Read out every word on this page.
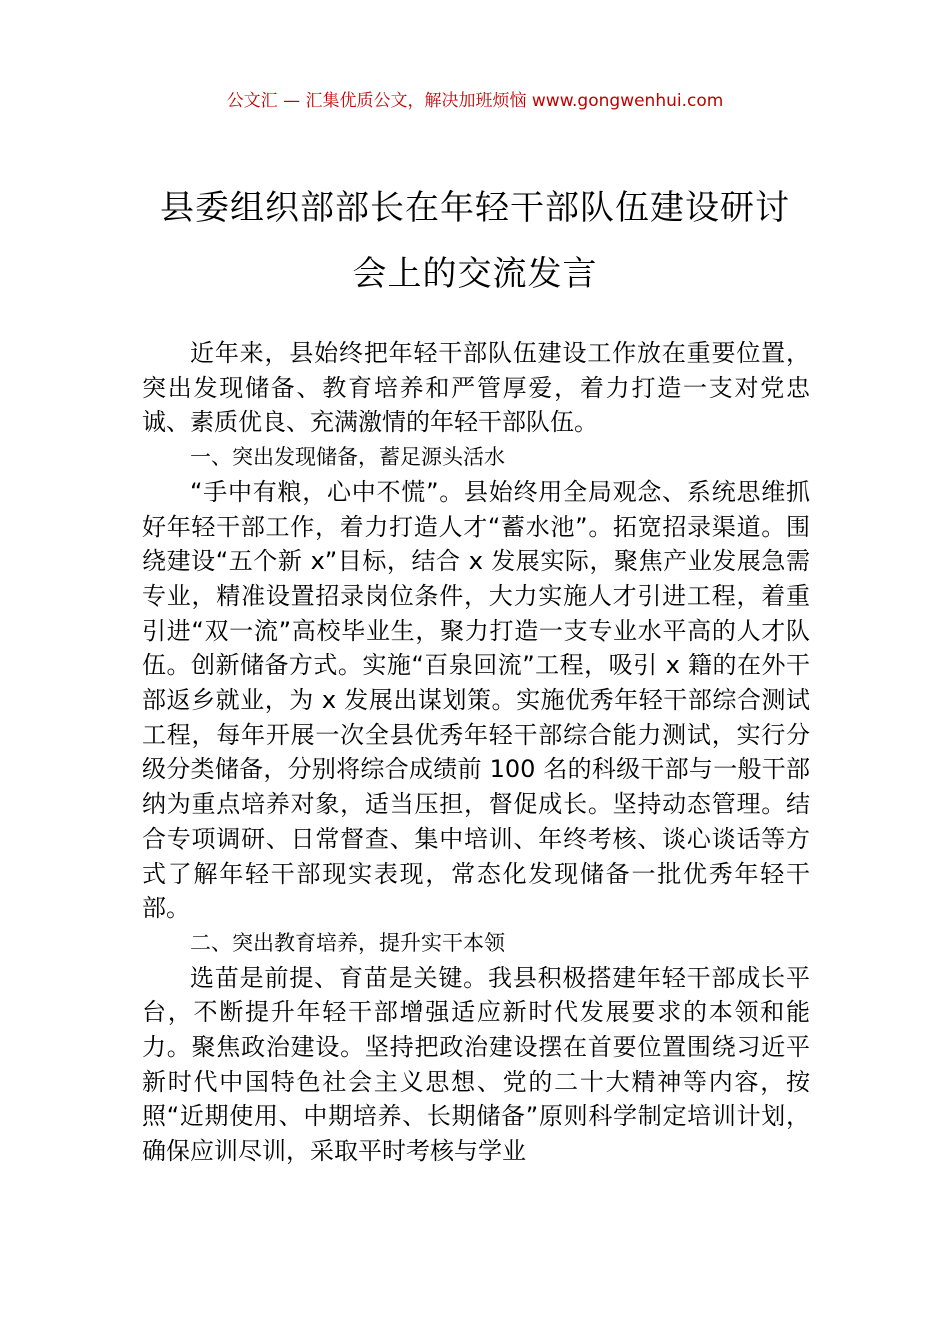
公文汇 — 汇集优质公文，解决加班烦恼 www.gongwenhui.com
县委组织部部长在年轻干部队伍建设研讨
会上的交流发言

近年来，县始终把年轻干部队伍建设工作放在重要位置，突出发现储备、教育培养和严管厚爱，着力打造一支对党忠诚、素质优良、充满激情的年轻干部队伍。

一、突出发现储备，蓄足源头活水

“手中有粮，心中不慌”。县始终用全局观念、系统思维抓好年轻干部工作，着力打造人才“蓄水池”。拓宽招录渠道。围绕建设“五个新 x”目标，结合 x 发展实际，聚焦产业发展急需专业，精准设置招录岗位条件，大力实施人才引进工程，着重引进“双一流”高校毕业生，聚力打造一支专业水平高的人才队伍。创新储备方式。实施“百泉回流”工程，吸引 x 籍的在外干部返乡就业，为 x 发展出谋划策。实施优秀年轻干部综合测试工程，每年开展一次全县优秀年轻干部综合能力测试，实行分级分类储备，分别将综合成绩前 100 名的科级干部与一般干部纳为重点培养对象，适当压担，督促成长。坚持动态管理。结合专项调研、日常督查、集中培训、年终考核、谈心谈话等方式了解年轻干部现实表现，常态化发现储备一批优秀年轻干部。

二、突出教育培养，提升实干本领

选苗是前提、育苗是关键。我县积极搭建年轻干部成长平台，不断提升年轻干部增强适应新时代发展要求的本领和能力。聚焦政治建设。坚持把政治建设摆在首要位置围绕习近平新时代中国特色社会主义思想、党的二十大精神等内容，按照“近期使用、中期培养、长期储备”原则科学制定培训计划，确保应训尽训，采取平时考核与学业
